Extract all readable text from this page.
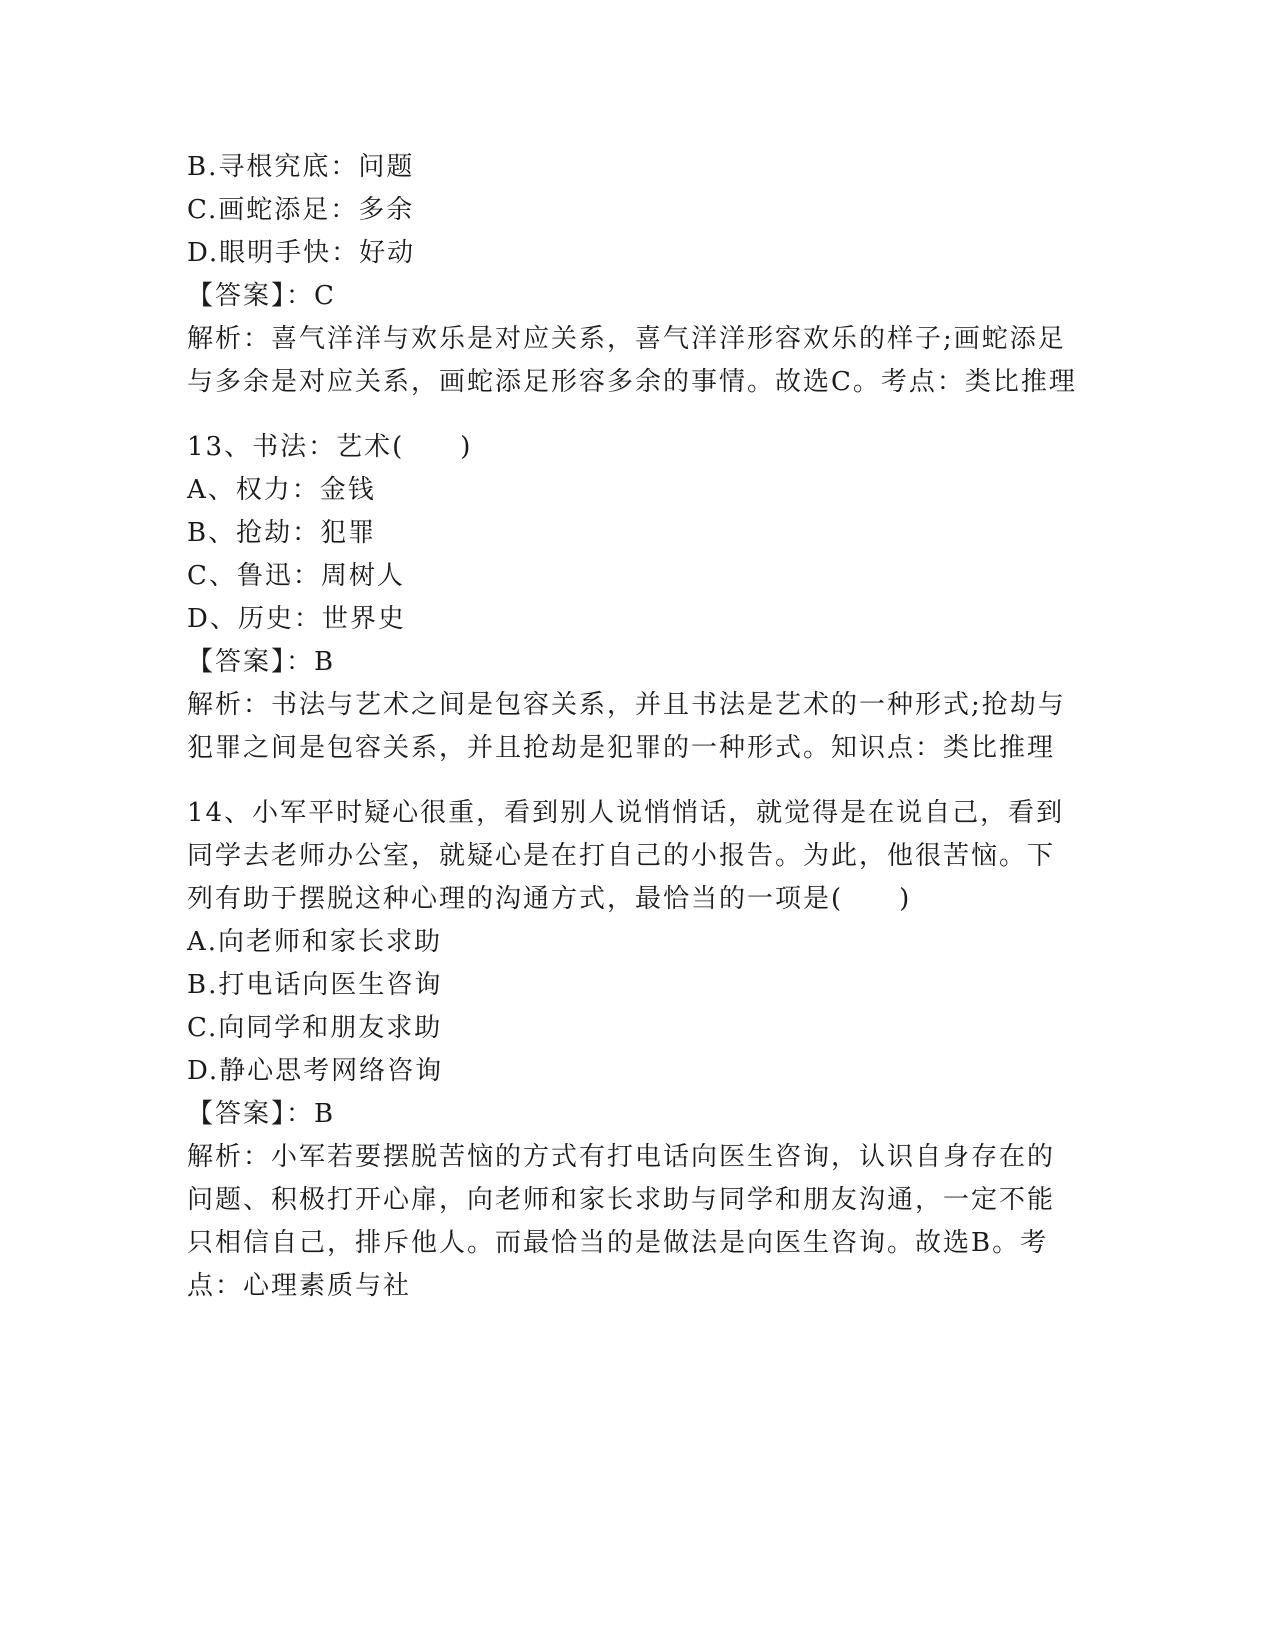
B.寻根究底：问题
C.画蛇添足：多余
D.眼明手快：好动
【答案】：C
解析：喜气洋洋与欢乐是对应关系，喜气洋洋形容欢乐的样子;画蛇添足与多余是对应关系，画蛇添足形容多余的事情。故选C。考点：类比推理
13、书法：艺术(　　)
A、权力：金钱
B、抢劫：犯罪
C、鲁迅：周树人
D、历史：世界史
【答案】：B
解析：书法与艺术之间是包容关系，并且书法是艺术的一种形式;抢劫与犯罪之间是包容关系，并且抢劫是犯罪的一种形式。知识点：类比推理
14、小军平时疑心很重，看到别人说悄悄话，就觉得是在说自己，看到同学去老师办公室，就疑心是在打自己的小报告。为此，他很苦恼。下列有助于摆脱这种心理的沟通方式，最恰当的一项是(　　)
A.向老师和家长求助
B.打电话向医生咨询
C.向同学和朋友求助
D.静心思考网络咨询
【答案】：B
解析：小军若要摆脱苦恼的方式有打电话向医生咨询，认识自身存在的问题、积极打开心扉，向老师和家长求助与同学和朋友沟通，一定不能只相信自己，排斥他人。而最恰当的是做法是向医生咨询。故选B。考点：心理素质与社
